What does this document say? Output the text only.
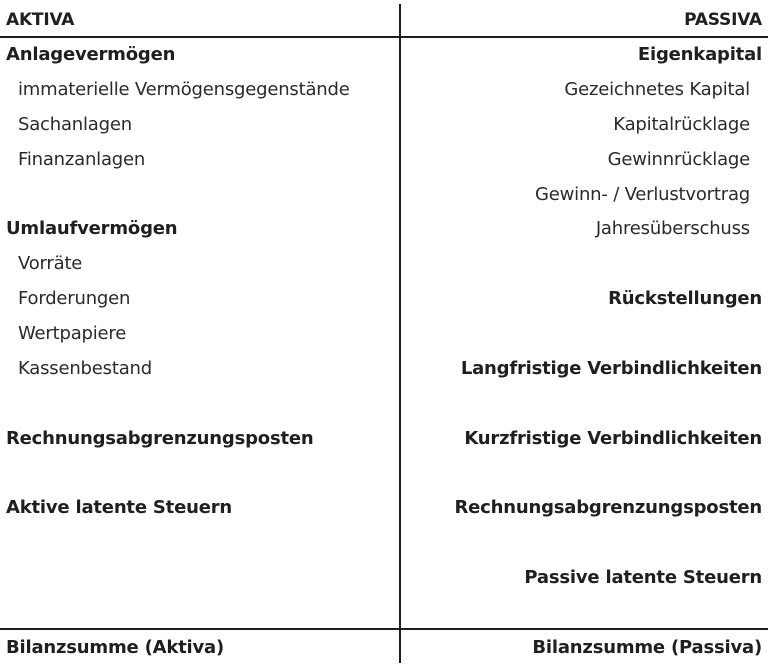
AKTIVA
Anlagevermögen
immaterielle Vermögensgegenstände
Sachanlagen
Finanzanlagen
Umlaufvermögen
Vorräte
Forderungen
Wertpapiere
Kassenbestand
Rechnungsabgrenzungsposten
Aktive latente Steuern
Bilanzsumme (Aktiva)
PASSIVA
Eigenkapital
Gezeichnetes Kapital
Kapitalrücklage
Gewinnrücklage
Gewinn- / Verlustvortrag
Jahresüberschuss
Rückstellungen
Langfristige Verbindlichkeiten
Kurzfristige Verbindlichkeiten
Rechnungsabgrenzungsposten
Passive latente Steuern
Bilanzsumme (Passiva)
